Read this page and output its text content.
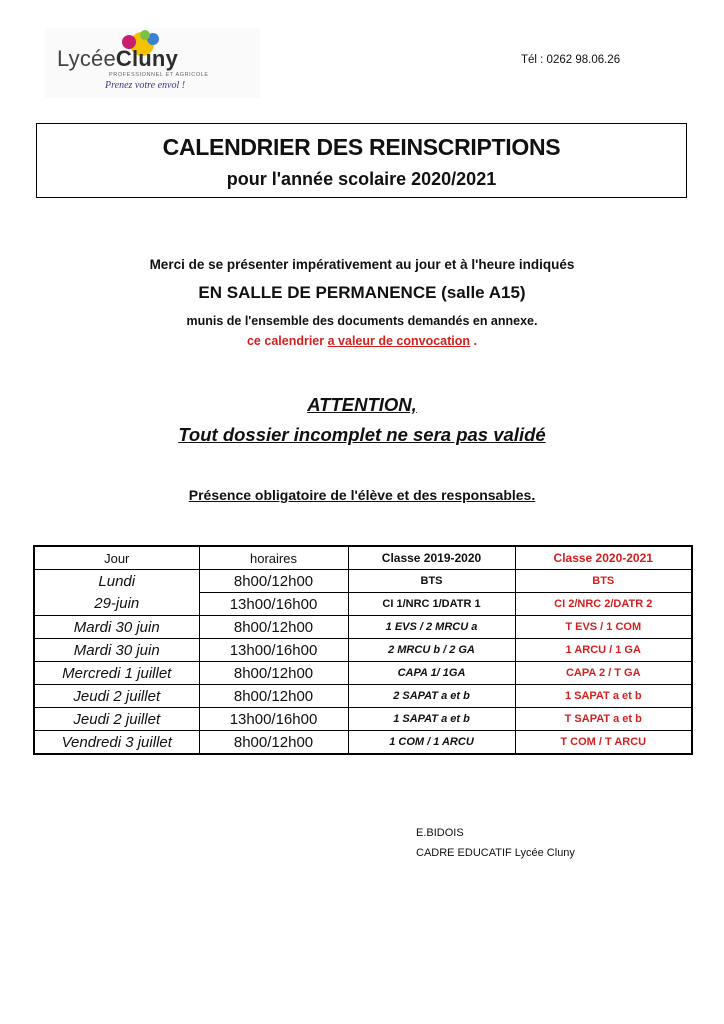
LycéeCluny
PROFESSIONNEL ET AGRICOLE
Prenez votre envol !
Tél : 0262 98.06.26
CALENDRIER DES REINSCRIPTIONS
pour l'année scolaire 2020/2021
Merci de se présenter impérativement au jour et à l'heure indiqués
EN SALLE DE PERMANENCE (salle A15)
munis de l'ensemble des documents demandés en annexe.
ce calendrier a valeur de convocation .
ATTENTION,
Tout dossier incomplet ne sera pas validé
Présence obligatoire de l'élève et des responsables.
Jour	horaires	Classe 2019-2020	Classe 2020-2021
Lundi	8h00/12h00	BTS	BTS
29-juin	13h00/16h00	CI 1/NRC 1/DATR 1	CI 2/NRC 2/DATR 2
Mardi 30 juin	8h00/12h00	1 EVS / 2 MRCU a	T EVS / 1 COM
Mardi 30 juin	13h00/16h00	2 MRCU b / 2 GA	1 ARCU / 1 GA
Mercredi 1 juillet	8h00/12h00	CAPA 1/ 1GA	CAPA 2 / T GA
Jeudi 2 juillet	8h00/12h00	2 SAPAT a et b	1 SAPAT a et b
Jeudi 2 juillet	13h00/16h00	1 SAPAT a et b	T SAPAT a et b
Vendredi 3 juillet	8h00/12h00	1 COM / 1 ARCU	T COM / T ARCU
E.BIDOIS
CADRE EDUCATIF Lycée Cluny
